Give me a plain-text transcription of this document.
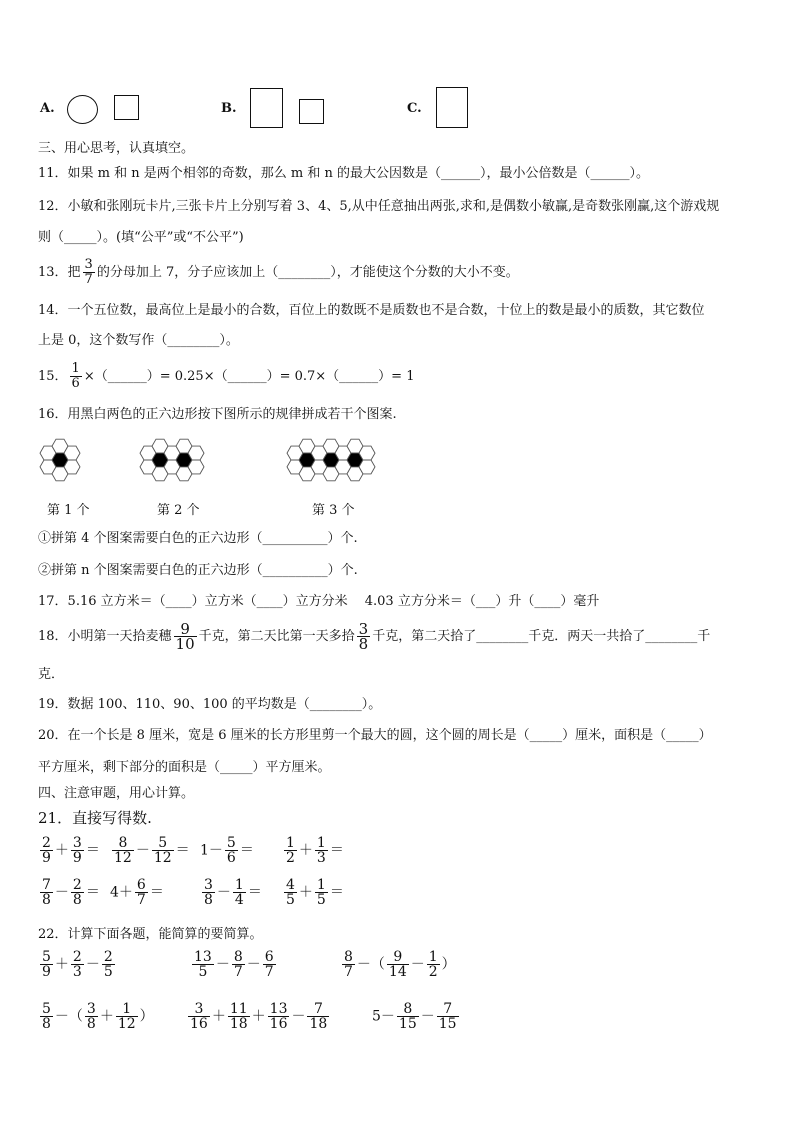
A.	B.	C.
三、用心思考，认真填空。
11．如果 m 和 n 是两个相邻的奇数，那么 m 和 n 的最大公因数是（______），最小公倍数是（______）。
12．小敏和张刚玩卡片,三张卡片上分别写着 3、4、5,从中任意抽出两张,求和,是偶数小敏赢,是奇数张刚赢,这个游戏规
则（_____）。(填“公平”或“不公平”)
13．把 $\frac{3}{7}$ 的分母加上 7，分子应该加上（________），才能使这个分数的大小不变。
14．一个五位数，最高位上是最小的合数，百位上的数既不是质数也不是合数，十位上的数是最小的质数，其它数位
上是 0，这个数写作（________）。
15． $\frac{1}{6}$ ×（______）= 0.25×（______）= 0.7×（______）= 1
16．用黑白两色的正六边形按下图所示的规律拼成若干个图案.
第 1 个	第 2 个	第 3 个
①拼第 4 个图案需要白色的正六边形（__________）个.
②拼第 n 个图案需要白色的正六边形（__________）个.
17．5.16 立方米＝（____）立方米（____）立方分米　 4.03 立方分米＝（___）升（____）毫升
18．小明第一天拾麦穗 $\frac{9}{10}$ 千克，第二天比第一天多拾 $\frac{3}{8}$ 千克，第二天拾了________千克．两天一共拾了________千
克．
19．数据 100、110、90、100 的平均数是（________）。
20．在一个长是 8 厘米，宽是 6 厘米的长方形里剪一个最大的圆，这个圆的周长是（_____）厘米，面积是（_____）
平方厘米，剩下部分的面积是（_____）平方厘米。
四、注意审题，用心计算。
21．直接写得数.
$\frac{2}{9} + \frac{3}{9} = \frac{8}{12} - \frac{5}{12} = 1- \frac{5}{6} = \frac{1}{2} + \frac{1}{3}$ ＝
$\frac{7}{8} - \frac{2}{8} = 4+ \frac{6}{7}$ ＝	$\frac{3}{8} - \frac{1}{4} = \frac{4}{5} + \frac{1}{5}$ ＝
22．计算下面各题，能简算的要简算。
$\frac{5}{9} + \frac{2}{3} - \frac{2}{5}$	$\frac{13}{5} - \frac{8}{7} - \frac{6}{7}$	$\frac{8}{7}$ －（ $\frac{9}{14} - \frac{1}{2}$ ）
$\frac{5}{8}$ －（ $\frac{3}{8} + \frac{1}{12}$ ） $\frac{3}{16} + \frac{11}{18} + \frac{13}{16} - \frac{7}{18}$	$5- \frac{8}{15} - \frac{7}{15}$
